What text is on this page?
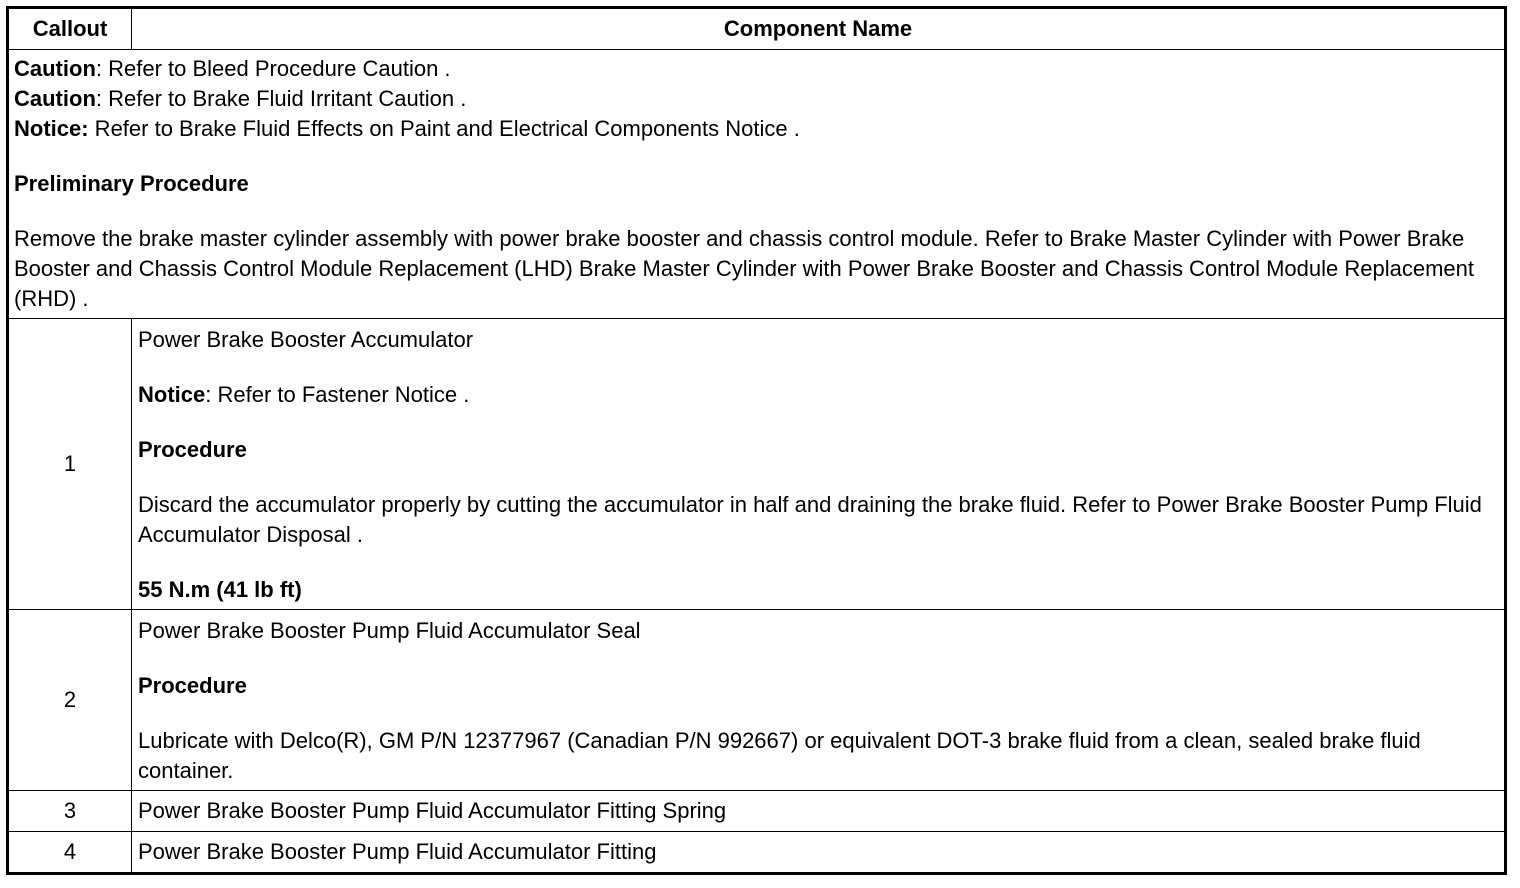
Callout	Component Name

Caution: Refer to Bleed Procedure Caution .
Caution: Refer to Brake Fluid Irritant Caution .
Notice: Refer to Brake Fluid Effects on Paint and Electrical Components Notice .
Preliminary Procedure
Remove the brake master cylinder assembly with power brake booster and chassis control module. Refer to Brake Master Cylinder with Power Brake Booster and Chassis Control Module Replacement (LHD) Brake Master Cylinder with Power Brake Booster and Chassis Control Module Replacement (RHD) .	

1	Power Brake Booster Accumulator
Notice: Refer to Fastener Notice .
Procedure
Discard the accumulator properly by cutting the accumulator in half and draining the brake fluid. Refer to Power Brake Booster Pump Fluid Accumulator Disposal .
55 N.m (41 lb ft)

2	Power Brake Booster Pump Fluid Accumulator Seal
Procedure
Lubricate with Delco(R), GM P/N 12377967 (Canadian P/N 992667) or equivalent DOT-3 brake fluid from a clean, sealed brake fluid container.

3	Power Brake Booster Pump Fluid Accumulator Fitting Spring
4	Power Brake Booster Pump Fluid Accumulator Fitting
